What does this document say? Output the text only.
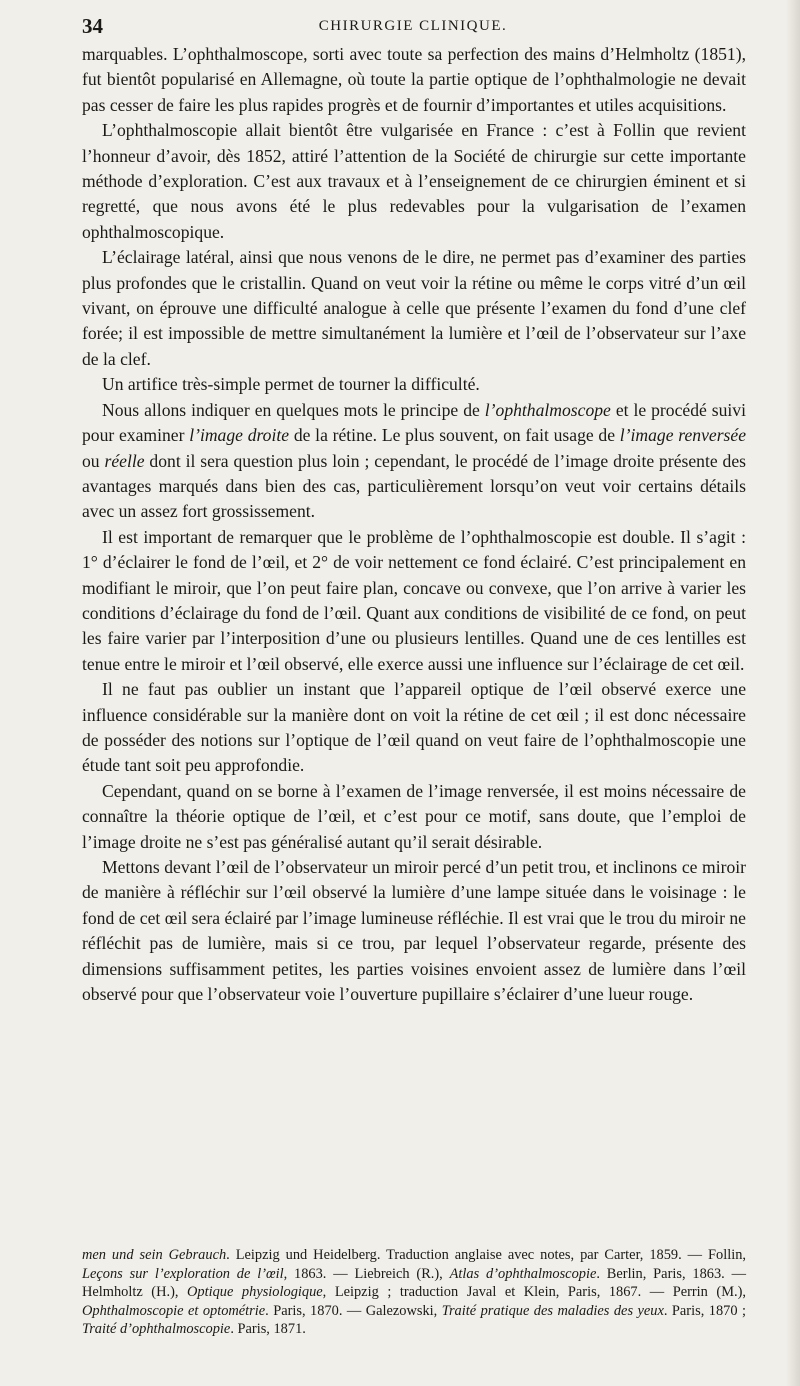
34	CHIRURGIE CLINIQUE.

marquables. L’ophthalmoscope, sorti avec toute sa perfection des mains d’Helmholtz (1851), fut bientôt popularisé en Allemagne, où toute la partie optique de l’ophthalmologie ne devait pas cesser de faire les plus rapides progrès et de fournir d’importantes et utiles acquisitions.

L’ophthalmoscopie allait bientôt être vulgarisée en France : c’est à Follin que revient l’honneur d’avoir, dès 1852, attiré l’attention de la Société de chirurgie sur cette importante méthode d’exploration. C’est aux travaux et à l’enseignement de ce chirurgien éminent et si regretté, que nous avons été le plus redevables pour la vulgarisation de l’examen ophthalmoscopique.

L’éclairage latéral, ainsi que nous venons de le dire, ne permet pas d’examiner des parties plus profondes que le cristallin. Quand on veut voir la rétine ou même le corps vitré d’un œil vivant, on éprouve une difficulté analogue à celle que présente l’examen du fond d’une clef forée; il est impossible de mettre simultanément la lumière et l’œil de l’observateur sur l’axe de la clef.

Un artifice très-simple permet de tourner la difficulté.

Nous allons indiquer en quelques mots le principe de l’ophthalmoscope et le procédé suivi pour examiner l’image droite de la rétine. Le plus souvent, on fait usage de l’image renversée ou réelle dont il sera question plus loin ; cependant, le procédé de l’image droite présente des avantages marqués dans bien des cas, particulièrement lorsqu’on veut voir certains détails avec un assez fort grossissement.

Il est important de remarquer que le problème de l’ophthalmoscopie est double. Il s’agit : 1° d’éclairer le fond de l’œil, et 2° de voir nettement ce fond éclairé. C’est principalement en modifiant le miroir, que l’on peut faire plan, concave ou convexe, que l’on arrive à varier les conditions d’éclairage du fond de l’œil. Quant aux conditions de visibilité de ce fond, on peut les faire varier par l’interposition d’une ou plusieurs lentilles. Quand une de ces lentilles est tenue entre le miroir et l’œil observé, elle exerce aussi une influence sur l’éclairage de cet œil.

Il ne faut pas oublier un instant que l’appareil optique de l’œil observé exerce une influence considérable sur la manière dont on voit la rétine de cet œil ; il est donc nécessaire de posséder des notions sur l’optique de l’œil quand on veut faire de l’ophthalmoscopie une étude tant soit peu approfondie.

Cependant, quand on se borne à l’examen de l’image renversée, il est moins nécessaire de connaître la théorie optique de l’œil, et c’est pour ce motif, sans doute, que l’emploi de l’image droite ne s’est pas généralisé autant qu’il serait désirable.

Mettons devant l’œil de l’observateur un miroir percé d’un petit trou, et inclinons ce miroir de manière à réfléchir sur l’œil observé la lumière d’une lampe située dans le voisinage : le fond de cet œil sera éclairé par l’image lumineuse réfléchie. Il est vrai que le trou du miroir ne réfléchit pas de lumière, mais si ce trou, par lequel l’observateur regarde, présente des dimensions suffisamment petites, les parties voisines envoient assez de lumière dans l’œil observé pour que l’observateur voie l’ouverture pupillaire s’éclairer d’une lueur rouge.

men und sein Gebrauch. Leipzig und Heidelberg. Traduction anglaise avec notes, par Carter, 1859. — Follin, Leçons sur l’exploration de l’œil, 1863. — Liebreich (R.), Atlas d’ophthalmoscopie. Berlin, Paris, 1863. — Helmholtz (H.), Optique physiologique, Leipzig ; traduction Javal et Klein, Paris, 1867. — Perrin (M.), Ophthalmoscopie et optométrie. Paris, 1870. — Galezowski, Traité pratique des maladies des yeux. Paris, 1870 ; Traité d’ophthalmoscopie. Paris, 1871.
